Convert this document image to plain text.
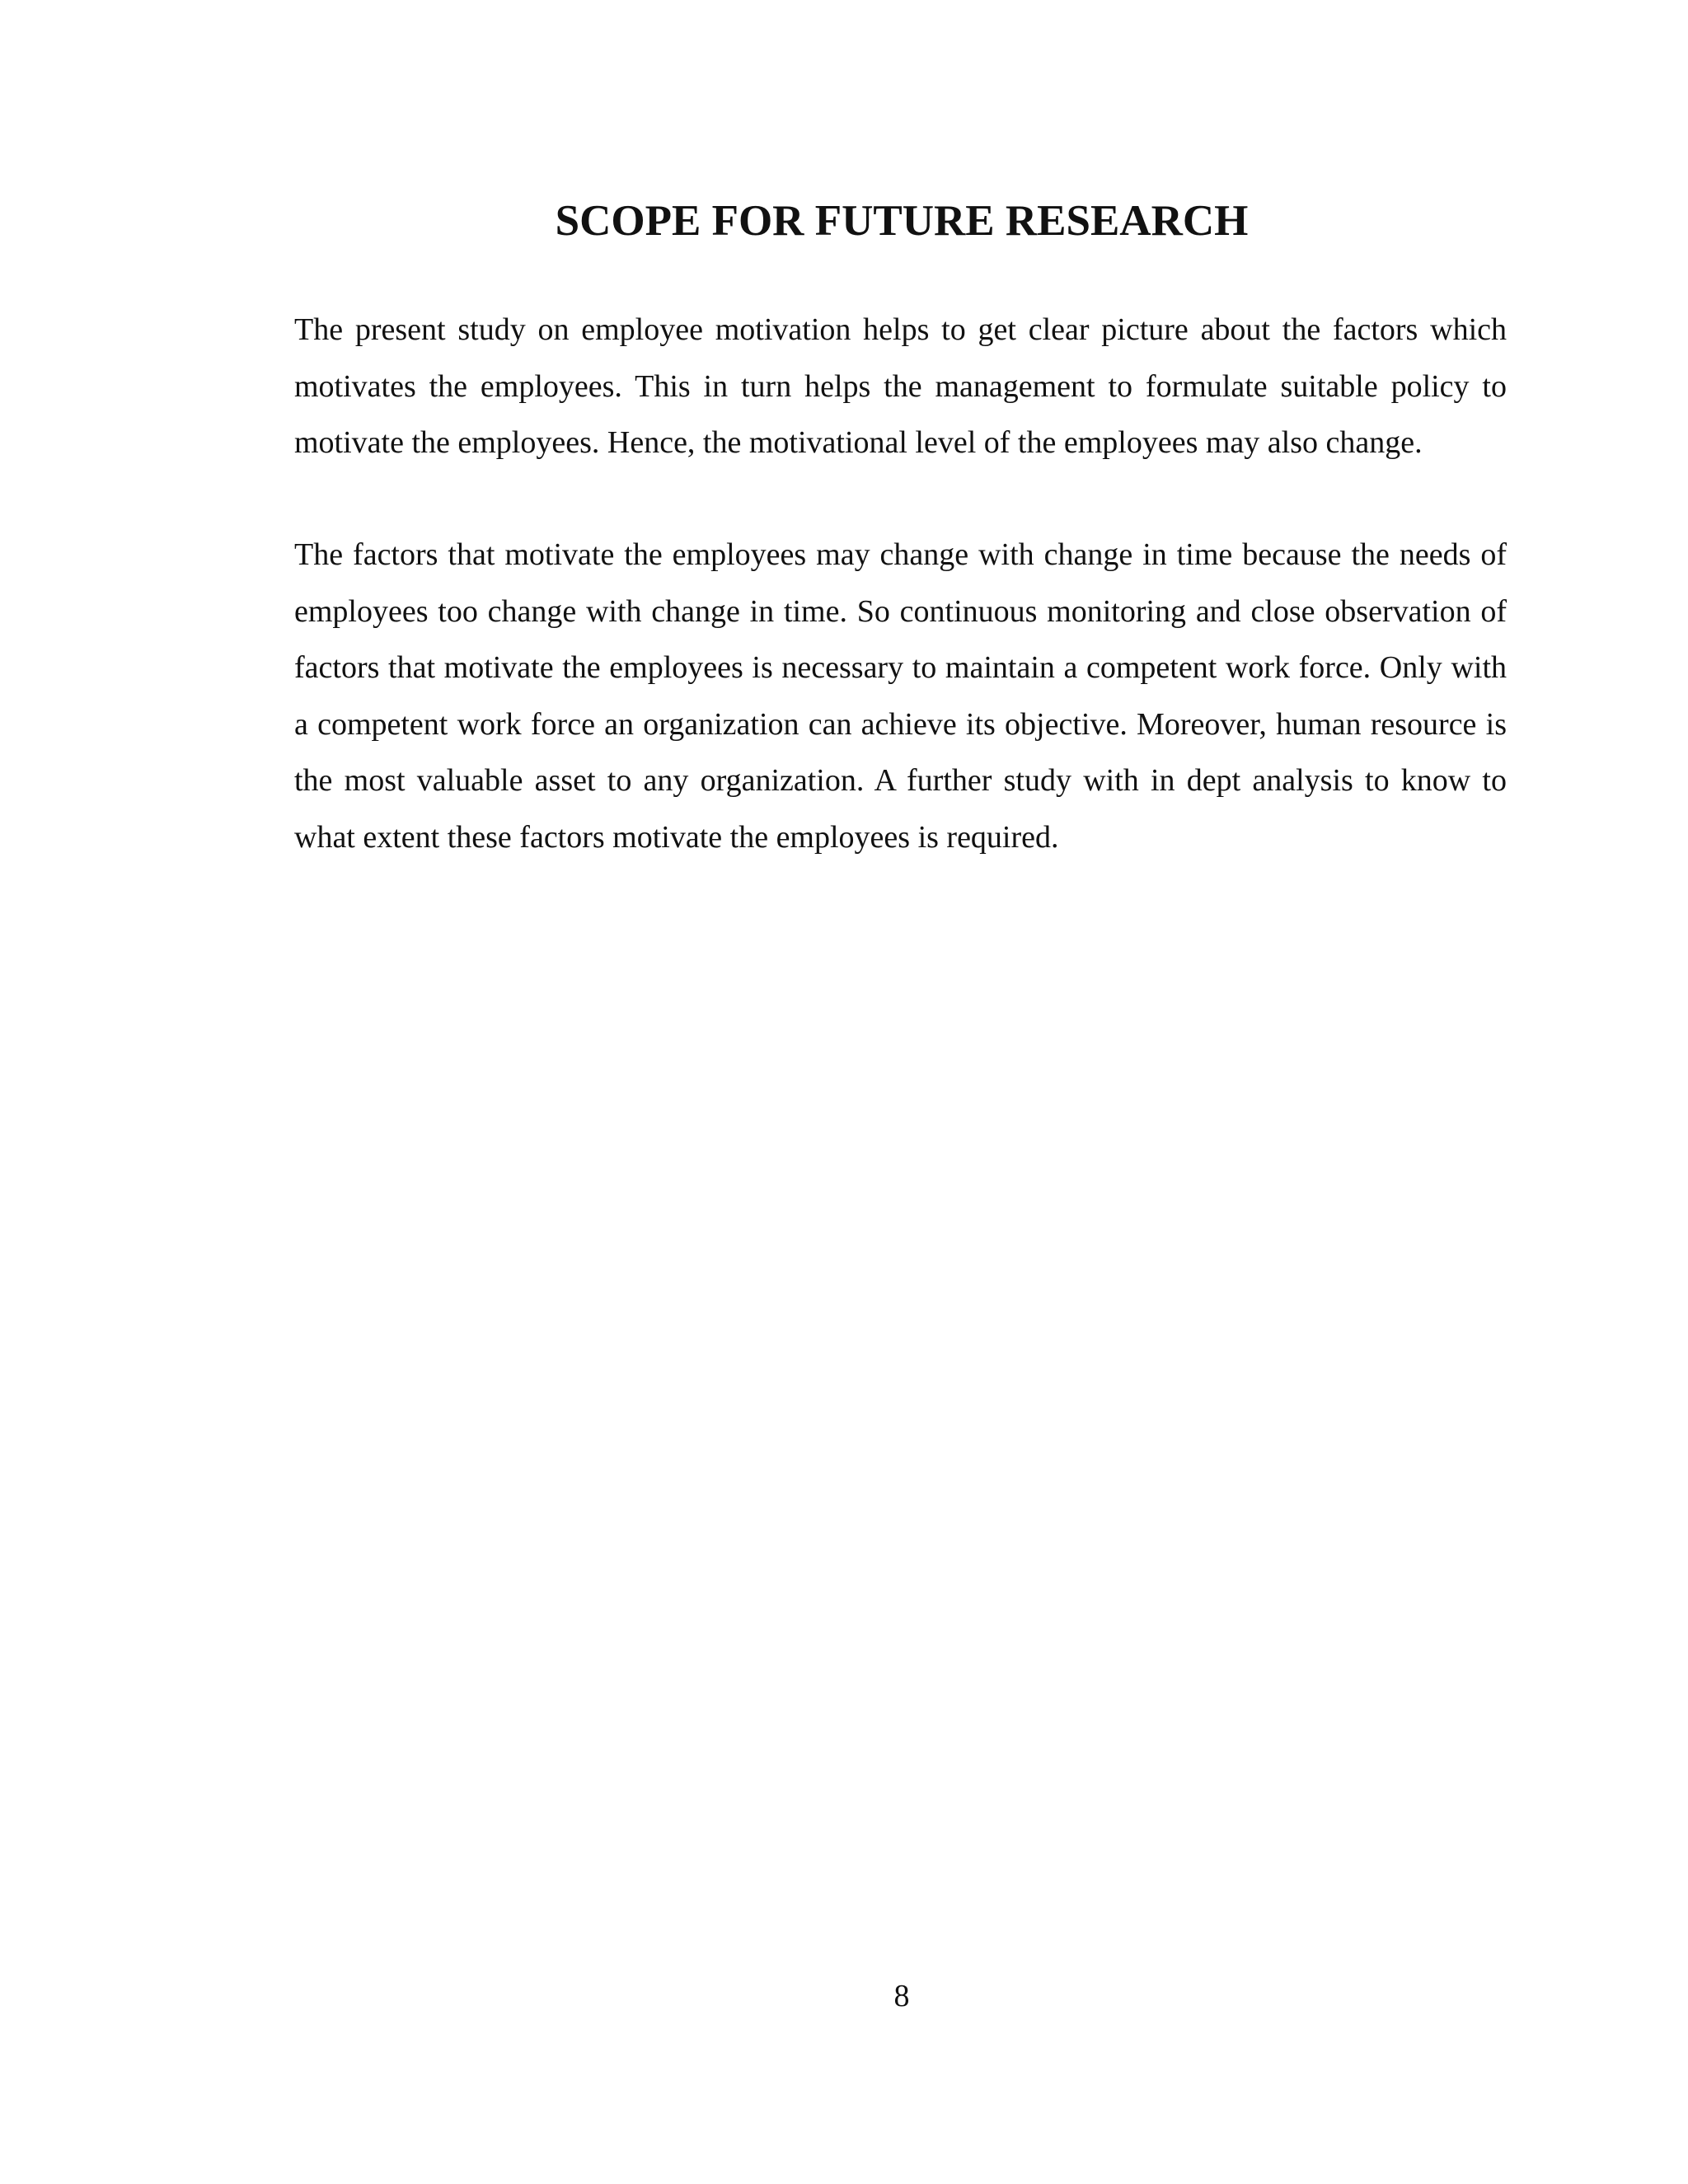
SCOPE FOR FUTURE RESEARCH

The present study on employee motivation helps to get clear picture about the factors which motivates the employees. This in turn helps the management to formulate suitable policy to motivate the employees. Hence, the motivational level of the employees may also change.

The factors that motivate the employees may change with change in time because the needs of employees too change with change in time. So continuous monitoring and close observation of factors that motivate the employees is necessary to maintain a competent work force. Only with a competent work force an organization can achieve its objective. Moreover, human resource is the most valuable asset to any organization. A further study with in dept analysis to know to what extent these factors motivate the employees is required.

8
